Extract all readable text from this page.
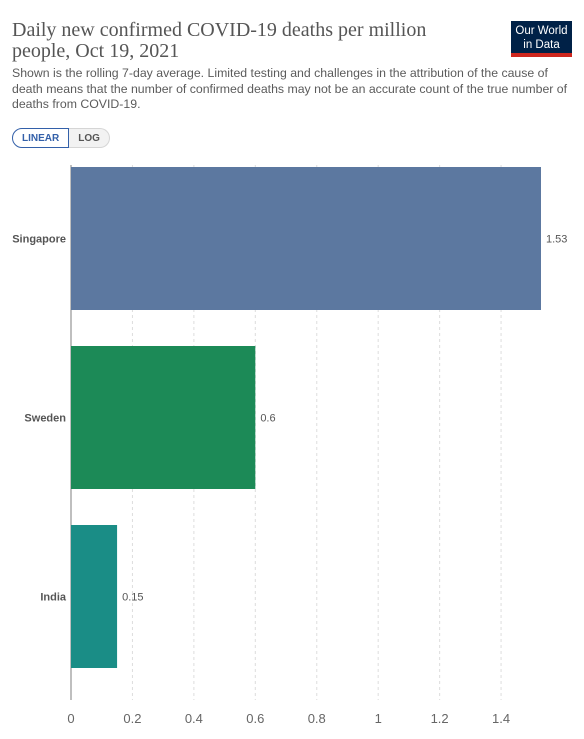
Daily new confirmed COVID-19 deaths per million people, Oct 19, 2021

Shown is the rolling 7-day average. Limited testing and challenges in the attribution of the cause of death means that the number of confirmed deaths may not be an accurate count of the true number of deaths from COVID-19.

Our World
in Data
LINEAR	LOG
0	0.2	0.4	0.6	0.8	1	1.2	1.4
Singapore	1.53
Sweden	0.6
India	0.15
